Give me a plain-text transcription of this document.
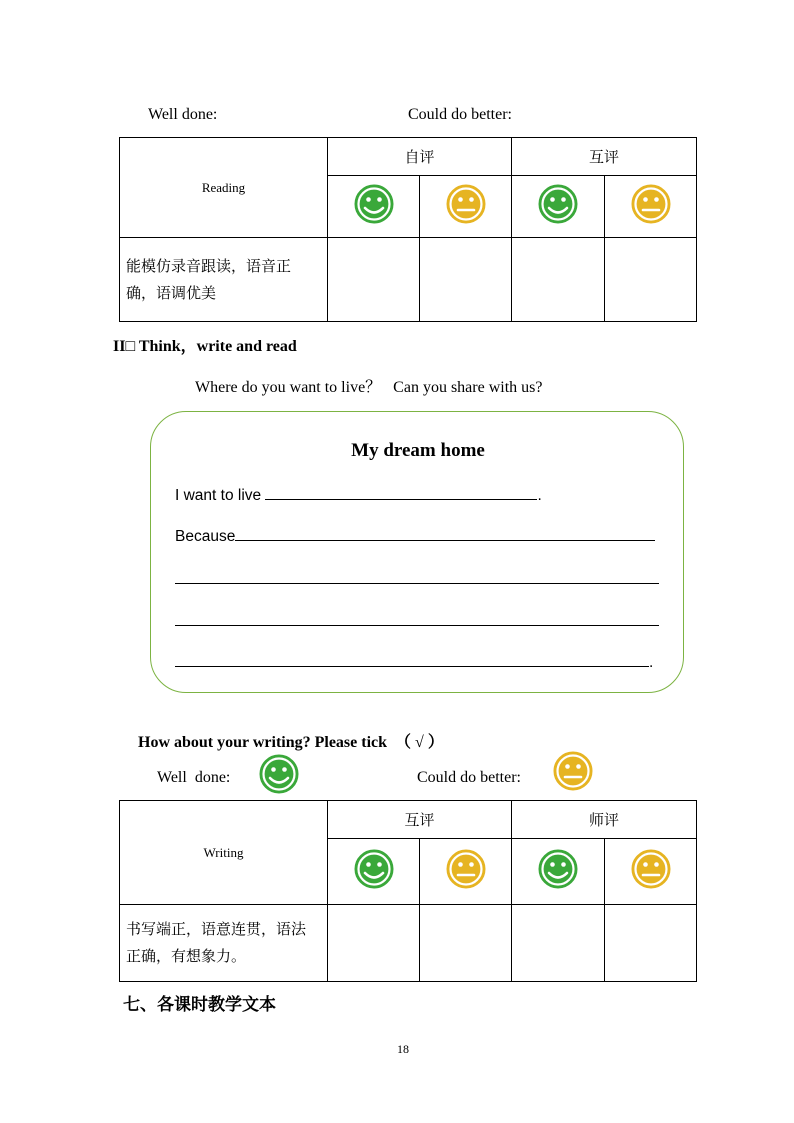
Well done:	Could do better:
Reading	自评		互评	

能模仿录音跟读，语音正
确，语调优美				

II□ Think，write and read
Where do you want to live？   Can you share with us?
My dream home
I want to live	.
Because
.
How about your writing? Please tick  （ √ ）
Well  done:	Could do better:
Writing	互评		师评	

书写端正，语意连贯，语法
正确，有想象力。				

七、各课时教学文本
18
